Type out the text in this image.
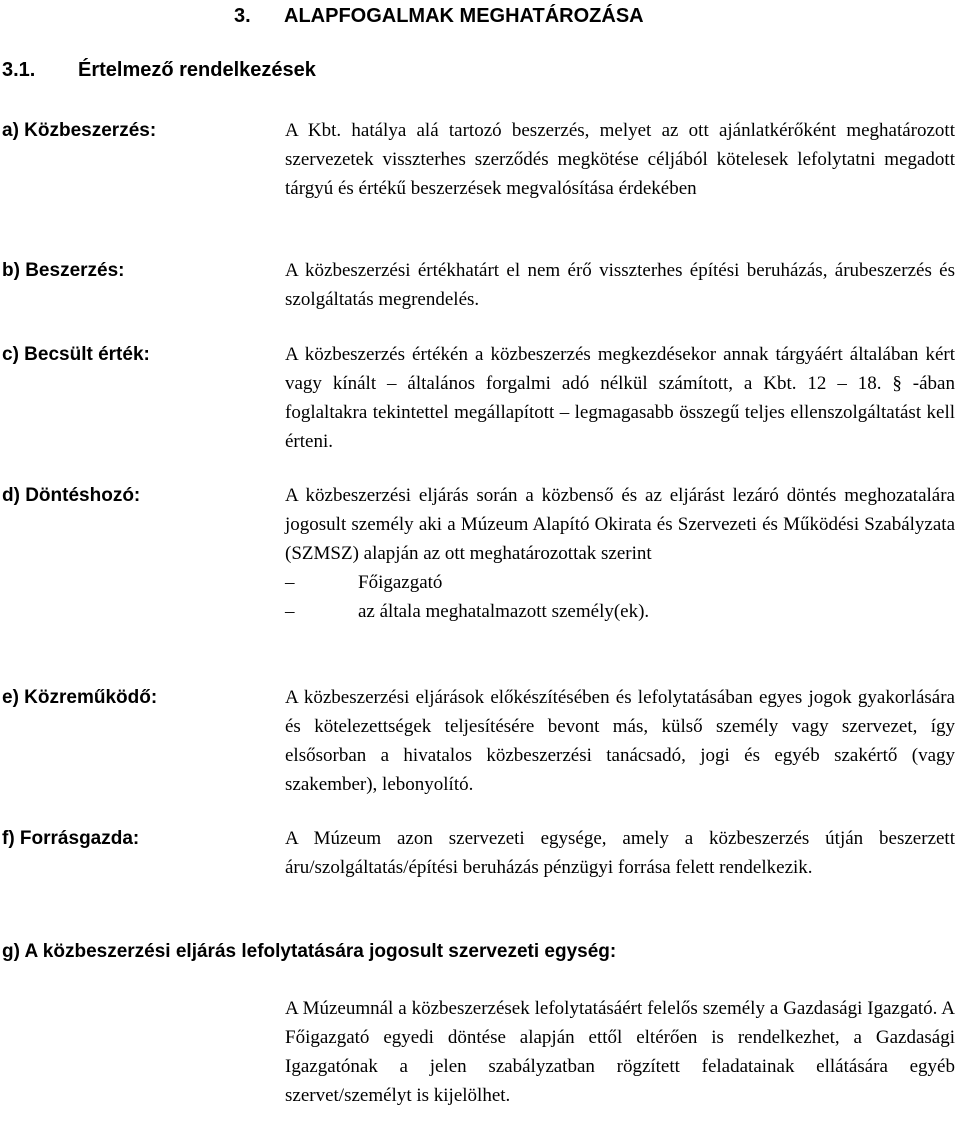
3. ALAPFOGALMAK MEGHATÁROZÁSA
3.1. Értelmező rendelkezések
a) Közbeszerzés:	A Kbt. hatálya alá tartozó beszerzés, melyet az ott ajánlatkérőként meghatározott szervezetek visszterhes szerződés megkötése céljából kötelesek lefolytatni megadott tárgyú és értékű beszerzések megvalósítása érdekében

b) Beszerzés:	A közbeszerzési értékhatárt el nem érő visszterhes építési beruházás, árubeszerzés és szolgáltatás megrendelés.

c) Becsült érték:	A közbeszerzés értékén a közbeszerzés megkezdésekor annak tárgyáért általában kért vagy kínált – általános forgalmi adó nélkül számított, a Kbt. 12 – 18. § -ában foglaltakra tekintettel megállapított – legmagasabb összegű teljes ellenszolgáltatást kell érteni.

d) Döntéshozó:	A közbeszerzési eljárás során a közbenső és az eljárást lezáró döntés meghozatalára jogosult személy aki a Múzeum Alapító Okirata és Szervezeti és Működési Szabályzata (SZMSZ) alapján az ott meghatározottak szerint
–	Főigazgató
–	az általa meghatalmazott személy(ek).
e) Közreműködő:	A közbeszerzési eljárások előkészítésében és lefolytatásában egyes jogok gyakorlására és kötelezettségek teljesítésére bevont más, külső személy vagy szervezet, így elsősorban a hivatalos közbeszerzési tanácsadó, jogi és egyéb szakértő (vagy szakember), lebonyolító.

f) Forrásgazda:	A Múzeum azon szervezeti egysége, amely a közbeszerzés útján beszerzett áru/szolgáltatás/építési beruházás pénzügyi forrása felett rendelkezik.

g) A közbeszerzési eljárás lefolytatására jogosult szervezeti egység:

A Múzeumnál a közbeszerzések lefolytatásáért felelős személy a Gazdasági Igazgató. A Főigazgató egyedi döntése alapján ettől eltérően is rendelkezhet, a Gazdasági Igazgatónak a jelen szabályzatban rögzített feladatainak ellátására egyéb szervet/személyt is kijelölhet.
